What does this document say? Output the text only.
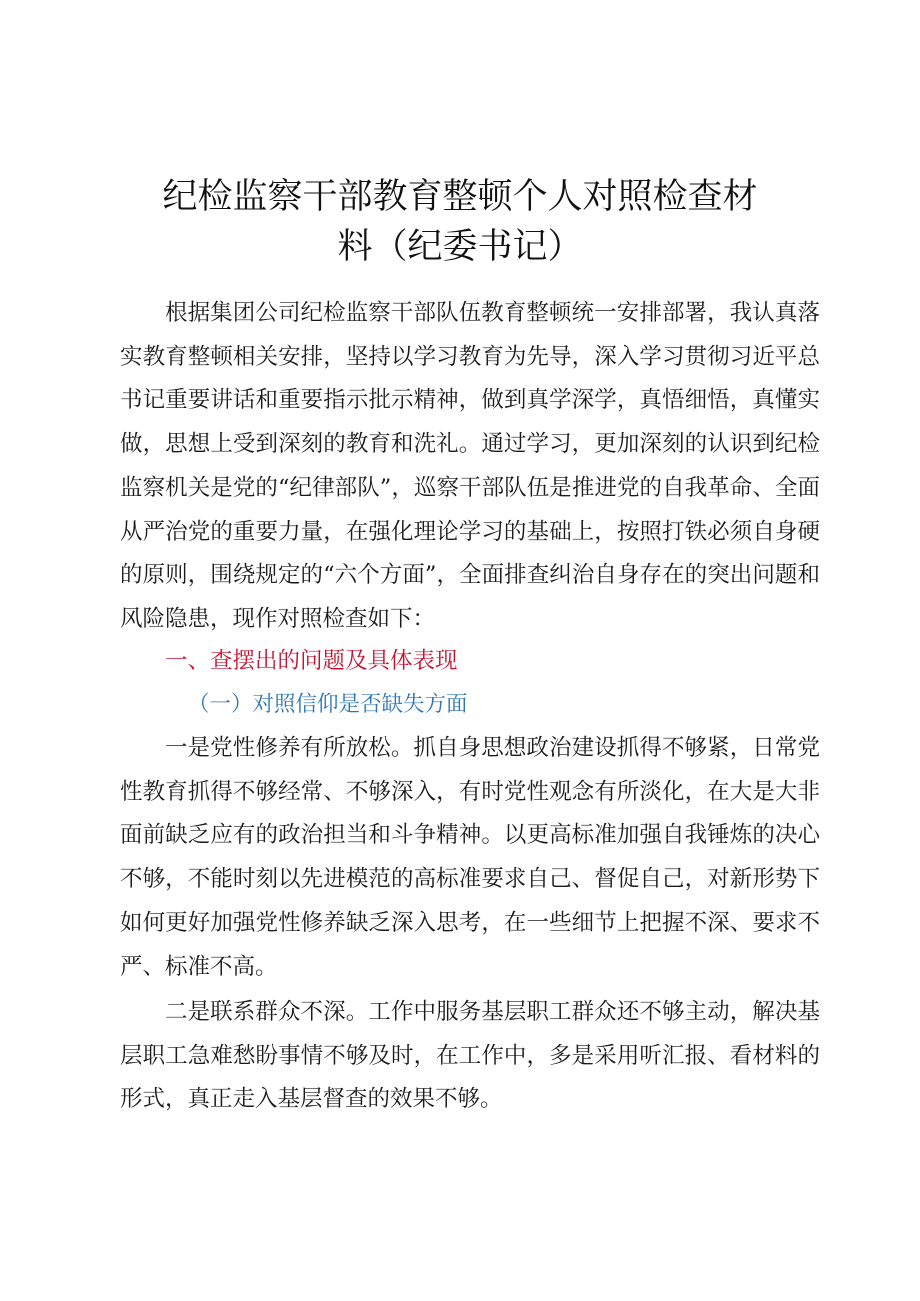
纪检监察干部教育整顿个人对照检查材
料（纪委书记）

根据集团公司纪检监察干部队伍教育整顿统一安排部署，我认真落实教育整顿相关安排，坚持以学习教育为先导，深入学习贯彻习近平总书记重要讲话和重要指示批示精神，做到真学深学，真悟细悟，真懂实做，思想上受到深刻的教育和洗礼。通过学习，更加深刻的认识到纪检监察机关是党的“纪律部队”，巡察干部队伍是推进党的自我革命、全面从严治党的重要力量，在强化理论学习的基础上，按照打铁必须自身硬的原则，围绕规定的“六个方面”，全面排查纠治自身存在的突出问题和风险隐患，现作对照检查如下：

一、查摆出的问题及具体表现
（一）对照信仰是否缺失方面

一是党性修养有所放松。抓自身思想政治建设抓得不够紧，日常党性教育抓得不够经常、不够深入，有时党性观念有所淡化，在大是大非面前缺乏应有的政治担当和斗争精神。以更高标准加强自我锤炼的决心不够，不能时刻以先进模范的高标准要求自己、督促自己，对新形势下如何更好加强党性修养缺乏深入思考，在一些细节上把握不深、要求不严、标准不高。

二是联系群众不深。工作中服务基层职工群众还不够主动，解决基层职工急难愁盼事情不够及时，在工作中，多是采用听汇报、看材料的形式，真正走入基层督查的效果不够。
